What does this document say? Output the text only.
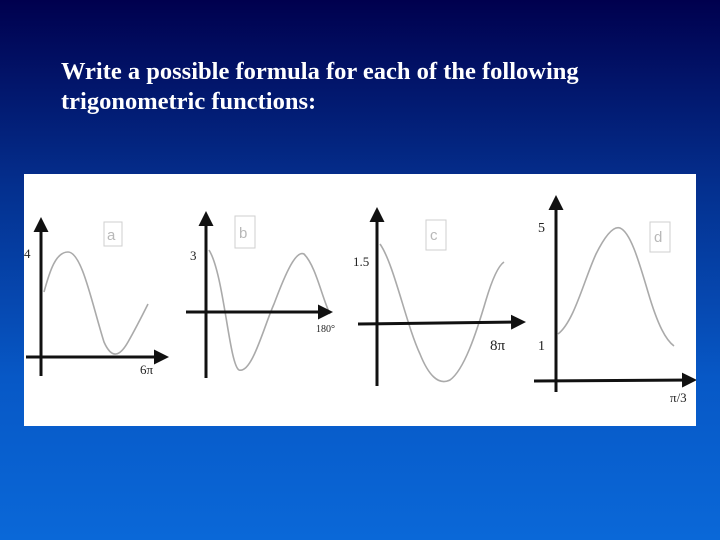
Write a possible formula for each of the following trigonometric functions:
a
4
6π
b
3
180°
c
1.5
8π
d
5
1
π/3
